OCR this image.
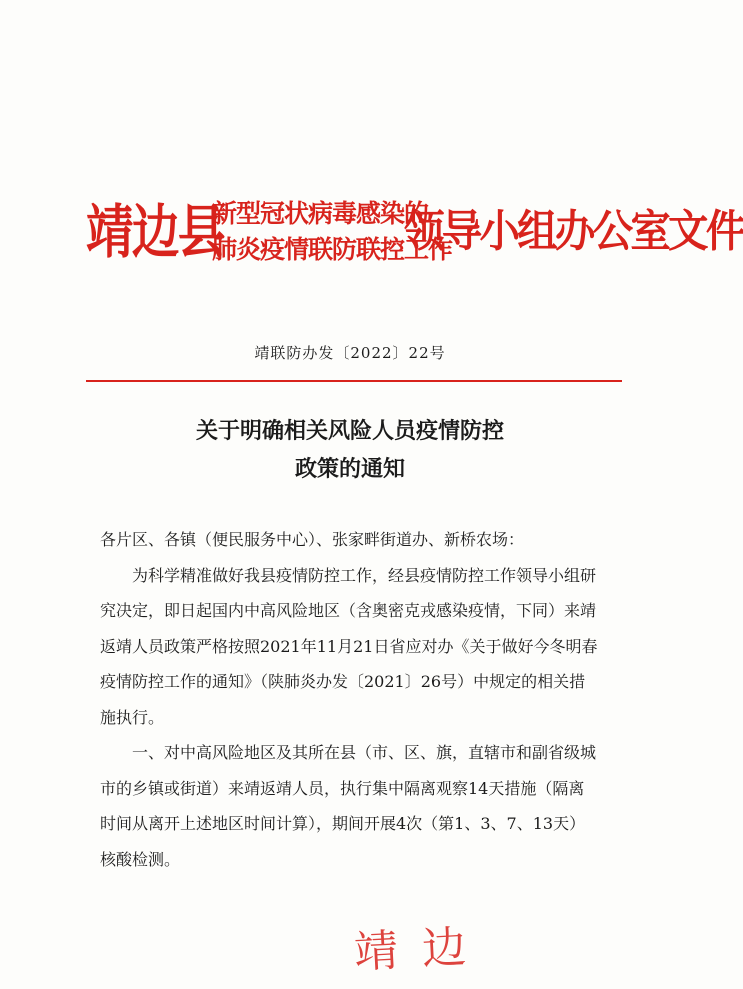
靖边县
新型冠状病毒感染的
肺炎疫情联防联控工作
领导小组办公室文件
靖联防办发〔2022〕22号
关于明确相关风险人员疫情防控
政策的通知

各片区、各镇（便民服务中心）、张家畔街道办、新桥农场：

为科学精准做好我县疫情防控工作，经县疫情防控工作领导小组研究决定，即日起国内中高风险地区（含奥密克戎感染疫情，下同）来靖返靖人员政策严格按照2021年11月21日省应对办《关于做好今冬明春疫情防控工作的通知》（陕肺炎办发〔2021〕26号）中规定的相关措施执行。

一、对中高风险地区及其所在县（市、区、旗，直辖市和副省级城市的乡镇或街道）来靖返靖人员，执行集中隔离观察14天措施（隔离时间从离开上述地区时间计算），期间开展4次（第1、3、7、13天）核酸检测。

靖边
